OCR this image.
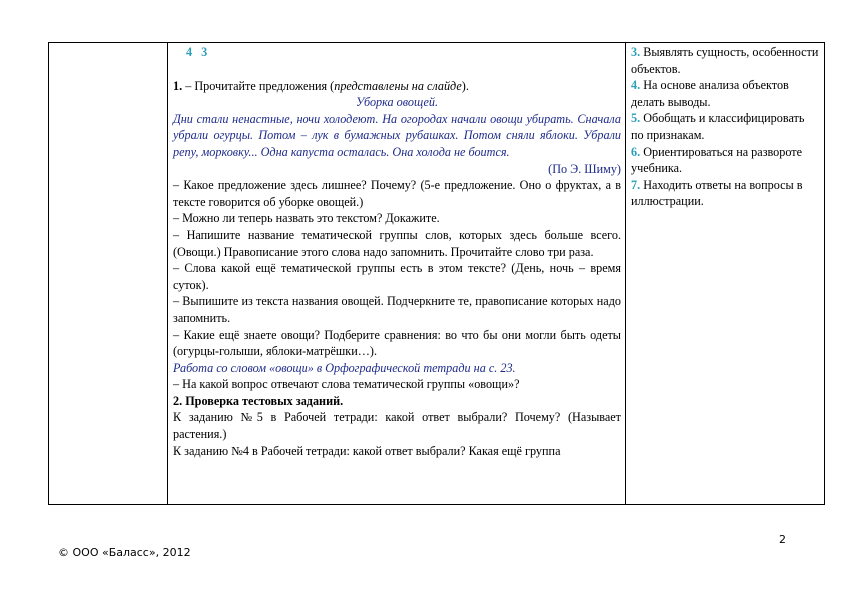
4 3
1. – Прочитайте предложения (представлены на слайде).
Уборка овощей.
Дни стали ненастные, ночи холодеют. На огородах начали овощи убирать. Сначала убрали огурцы. Потом – лук в бумажных рубашках. Потом сняли яблоки. Убрали репу, морковку... Одна капуста осталась. Она холода не боится.
(По Э. Шиму)
– Какое предложение здесь лишнее? Почему? (5-е предложение. Оно о фруктах, а в тексте говорится об уборке овощей.)
– Можно ли теперь назвать это текстом? Докажите.
– Напишите название тематической группы слов, которых здесь больше всего. (Овощи.) Правописание этого слова надо запомнить. Прочитайте слово три раза.
– Слова какой ещё тематической группы есть в этом тексте? (День, ночь – время суток).
– Выпишите из текста названия овощей. Подчеркните те, правописание которых надо запомнить.
– Какие ещё знаете овощи? Подберите сравнения: во что бы они могли быть одеты (огурцы-голыши, яблоки-матрёшки…).
Работа со словом «овощи» в Орфографической тетради на с. 23.
– На какой вопрос отвечают слова тематической группы «овощи»?
2. Проверка тестовых заданий.
К заданию №5 в Рабочей тетради: какой ответ выбрали? Почему? (Называет растения.)
К заданию №4 в Рабочей тетради: какой ответ выбрали? Какая ещё группа
3. Выявлять сущность, особенности объектов.
4. На основе анализа объектов делать выводы.
5. Обобщать и классифицировать по признакам.
6. Ориентироваться на развороте учебника.
7. Находить ответы на вопросы в иллюстрации.
2
© ООО «Баласс», 2012
